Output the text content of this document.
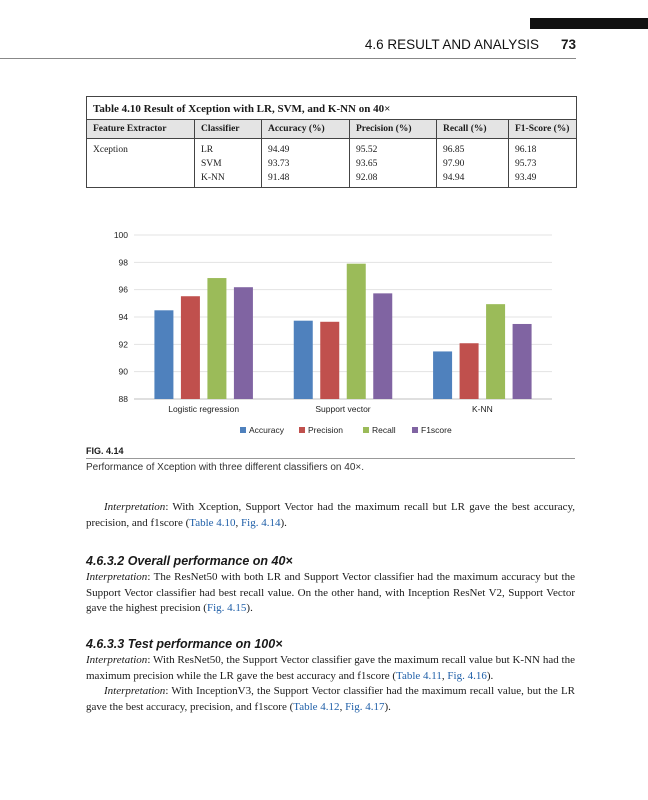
4.6 RESULT AND ANALYSIS 73
Table 4.10 Result of Xception with LR, SVM, and K-NN on 40×
Feature Extractor	Classifier	Accuracy (%)	Precision (%)	Recall (%)	F1-Score (%)
Xception	LR	94.49	95.52	96.85	96.18
	SVM	93.73	93.65	97.90	95.73
	K-NN	91.48	92.08	94.94	93.49
88
90
92
94
96
98
100
Logistic regression	Support vector	K-NN
Accuracy	Precision	Recall	F1score
FIG. 4.14
Performance of Xception with three different classifiers on 40×.
Interpretation: With Xception, Support Vector had the maximum recall but LR gave the best accuracy, precision, and f1score (Table 4.10, Fig. 4.14).
4.6.3.2 Overall performance on 40×
Interpretation: The ResNet50 with both LR and Support Vector classifier had the maximum accuracy but the Support Vector classifier had best recall value. On the other hand, with Inception ResNet V2, Support Vector gave the highest precision (Fig. 4.15).
4.6.3.3 Test performance on 100×
Interpretation: With ResNet50, the Support Vector classifier gave the maximum recall value but K-NN had the maximum precision while the LR gave the best accuracy and f1score (Table 4.11, Fig. 4.16).
Interpretation: With InceptionV3, the Support Vector classifier had the maximum recall value, but the LR gave the best accuracy, precision, and f1score (Table 4.12, Fig. 4.17).
